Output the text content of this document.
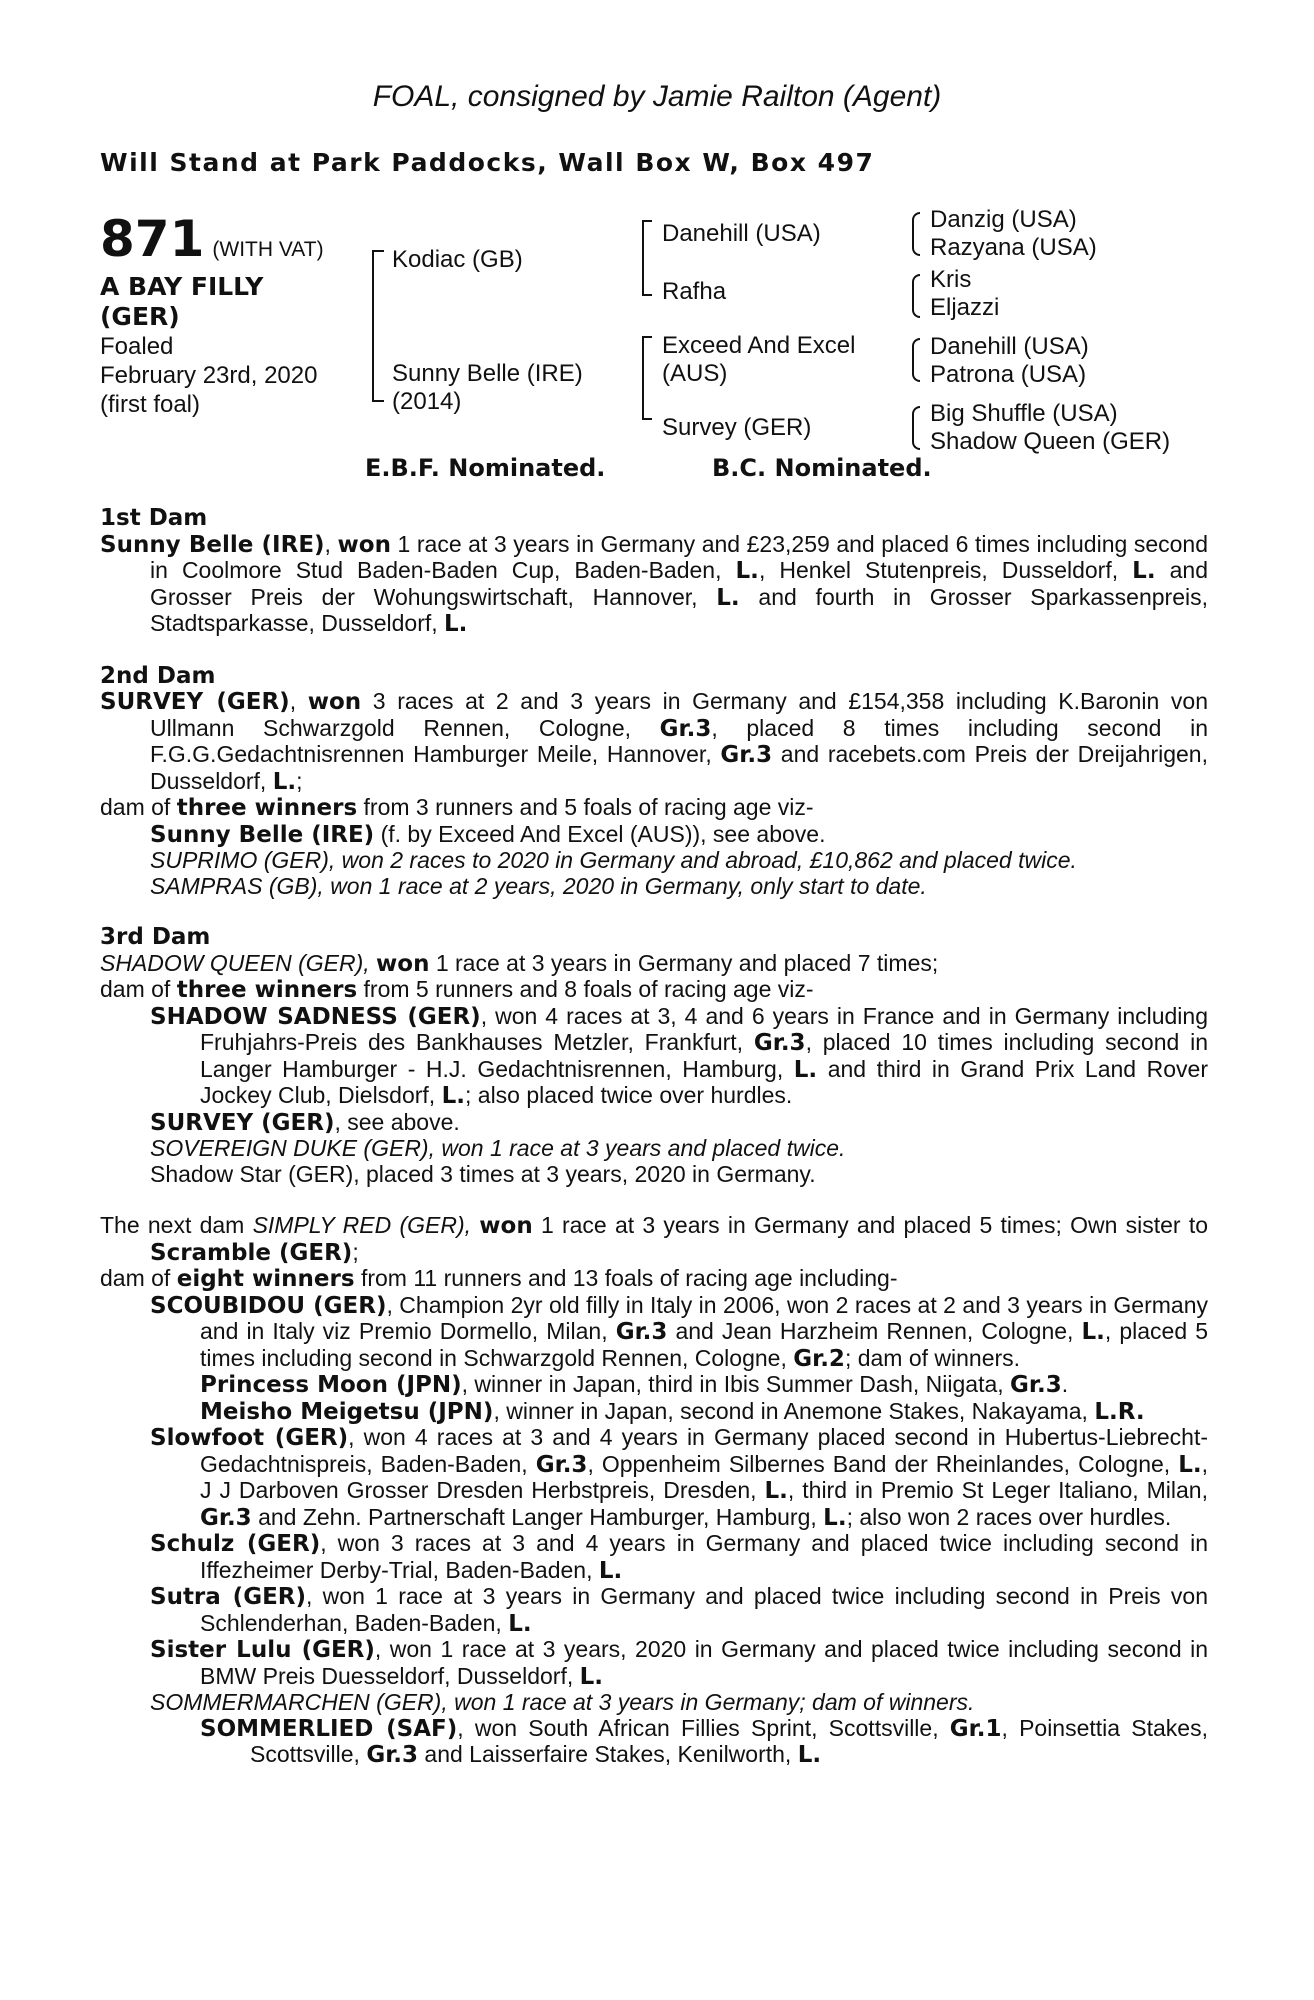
FOAL, consigned by Jamie Railton (Agent)
Will Stand at Park Paddocks, Wall Box W, Box 497
871 (WITH VAT)
A BAY FILLY
(GER)
Foaled
February 23rd, 2020
(first foal)
Kodiac (GB)
Sunny Belle (IRE)
(2014)
Danehill (USA)
Rafha
Exceed And Excel
(AUS)
Survey (GER)
Danzig (USA)
Razyana (USA)
Kris
Eljazzi
Danehill (USA)
Patrona (USA)
Big Shuffle (USA)
Shadow Queen (GER)
E.B.F. Nominated.	B.C. Nominated.
1st Dam

Sunny Belle (IRE), won 1 race at 3 years in Germany and £23,259 and placed 6 times including second in Coolmore Stud Baden-Baden Cup, Baden-Baden, L., Henkel Stutenpreis, Dusseldorf, L. and Grosser Preis der Wohungswirtschaft, Hannover, L. and fourth in Grosser Sparkassenpreis, Stadtsparkasse, Dusseldorf, L.

2nd Dam

SURVEY (GER), won 3 races at 2 and 3 years in Germany and £154,358 including K.Baronin von Ullmann Schwarzgold Rennen, Cologne, Gr.3, placed 8 times including second in F.G.G.Gedachtnisrennen Hamburger Meile, Hannover, Gr.3 and racebets.com Preis der Dreijahrigen, Dusseldorf, L.;

dam of three winners from 3 runners and 5 foals of racing age viz-

Sunny Belle (IRE) (f. by Exceed And Excel (AUS)), see above.

SUPRIMO (GER), won 2 races to 2020 in Germany and abroad, £10,862 and placed twice.

SAMPRAS (GB), won 1 race at 2 years, 2020 in Germany, only start to date.

3rd Dam

SHADOW QUEEN (GER), won 1 race at 3 years in Germany and placed 7 times;

dam of three winners from 5 runners and 8 foals of racing age viz-

SHADOW SADNESS (GER), won 4 races at 3, 4 and 6 years in France and in Germany including Fruhjahrs-Preis des Bankhauses Metzler, Frankfurt, Gr.3, placed 10 times including second in Langer Hamburger - H.J. Gedachtnisrennen, Hamburg, L. and third in Grand Prix Land Rover Jockey Club, Dielsdorf, L.; also placed twice over hurdles.

SURVEY (GER), see above.

SOVEREIGN DUKE (GER), won 1 race at 3 years and placed twice.

Shadow Star (GER), placed 3 times at 3 years, 2020 in Germany.

The next dam SIMPLY RED (GER), won 1 race at 3 years in Germany and placed 5 times; Own sister to Scramble (GER);

dam of eight winners from 11 runners and 13 foals of racing age including-

SCOUBIDOU (GER), Champion 2yr old filly in Italy in 2006, won 2 races at 2 and 3 years in Germany and in Italy viz Premio Dormello, Milan, Gr.3 and Jean Harzheim Rennen, Cologne, L., placed 5 times including second in Schwarzgold Rennen, Cologne, Gr.2; dam of winners.

Princess Moon (JPN), winner in Japan, third in Ibis Summer Dash, Niigata, Gr.3.

Meisho Meigetsu (JPN), winner in Japan, second in Anemone Stakes, Nakayama, L.R.

Slowfoot (GER), won 4 races at 3 and 4 years in Germany placed second in Hubertus-Liebrecht-Gedachtnispreis, Baden-Baden, Gr.3, Oppenheim Silbernes Band der Rheinlandes, Cologne, L., J J Darboven Grosser Dresden Herbstpreis, Dresden, L., third in Premio St Leger Italiano, Milan, Gr.3 and Zehn. Partnerschaft Langer Hamburger, Hamburg, L.; also won 2 races over hurdles.

Schulz (GER), won 3 races at 3 and 4 years in Germany and placed twice including second in Iffezheimer Derby-Trial, Baden-Baden, L.

Sutra (GER), won 1 race at 3 years in Germany and placed twice including second in Preis von Schlenderhan, Baden-Baden, L.

Sister Lulu (GER), won 1 race at 3 years, 2020 in Germany and placed twice including second in BMW Preis Duesseldorf, Dusseldorf, L.

SOMMERMARCHEN (GER), won 1 race at 3 years in Germany; dam of winners.

SOMMERLIED (SAF), won South African Fillies Sprint, Scottsville, Gr.1, Poinsettia Stakes, Scottsville, Gr.3 and Laisserfaire Stakes, Kenilworth, L.
